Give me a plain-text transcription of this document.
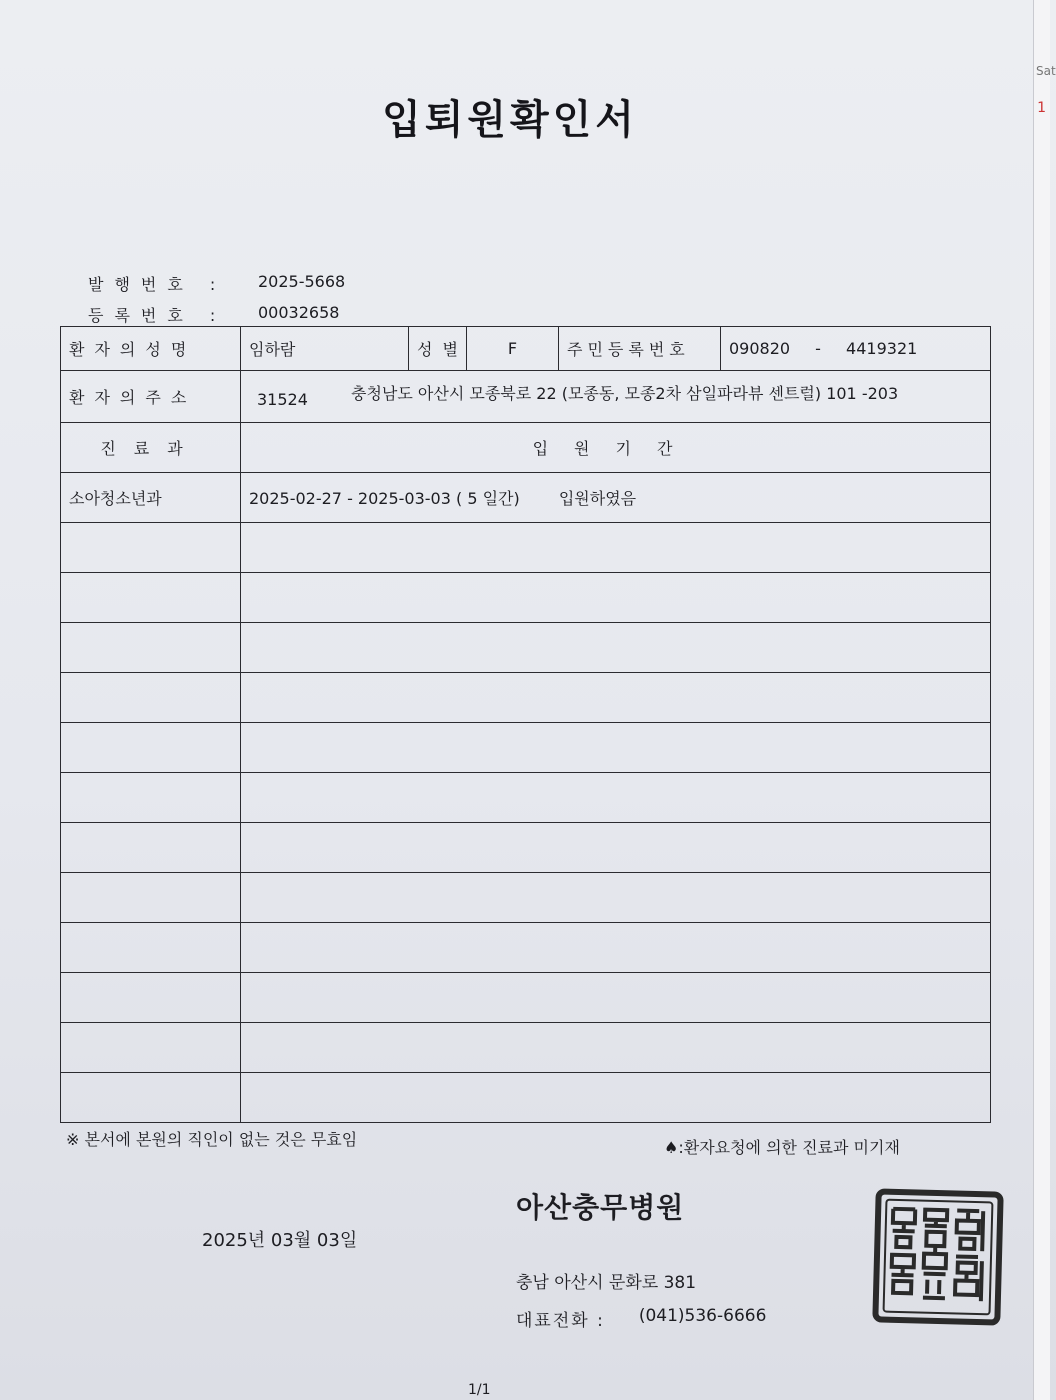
Sat
1
입퇴원확인서
발행번호 :	2025-5668
등록번호 :	00032658
환자의성명	임하람	성별	F	주민등록번호	090820 - 4419321
환자의주소	31524 충청남도 아산시 모종북로 22 (모종동, 모종2차 삼일파라뷰 센트럴) 101 -203				

진료과	입원기간				
소아청소년과	2025-02-27 - 2025-03-03 ( 5 일간) 입원하였음				

※ 본서에 본원의 직인이 없는 것은 무효임	♠:환자요청에 의한 진료과 미기재
아산충무병원
2025년 03월 03일
충남 아산시 문화로 381
대표전화 : (041)536-6666
1/1
